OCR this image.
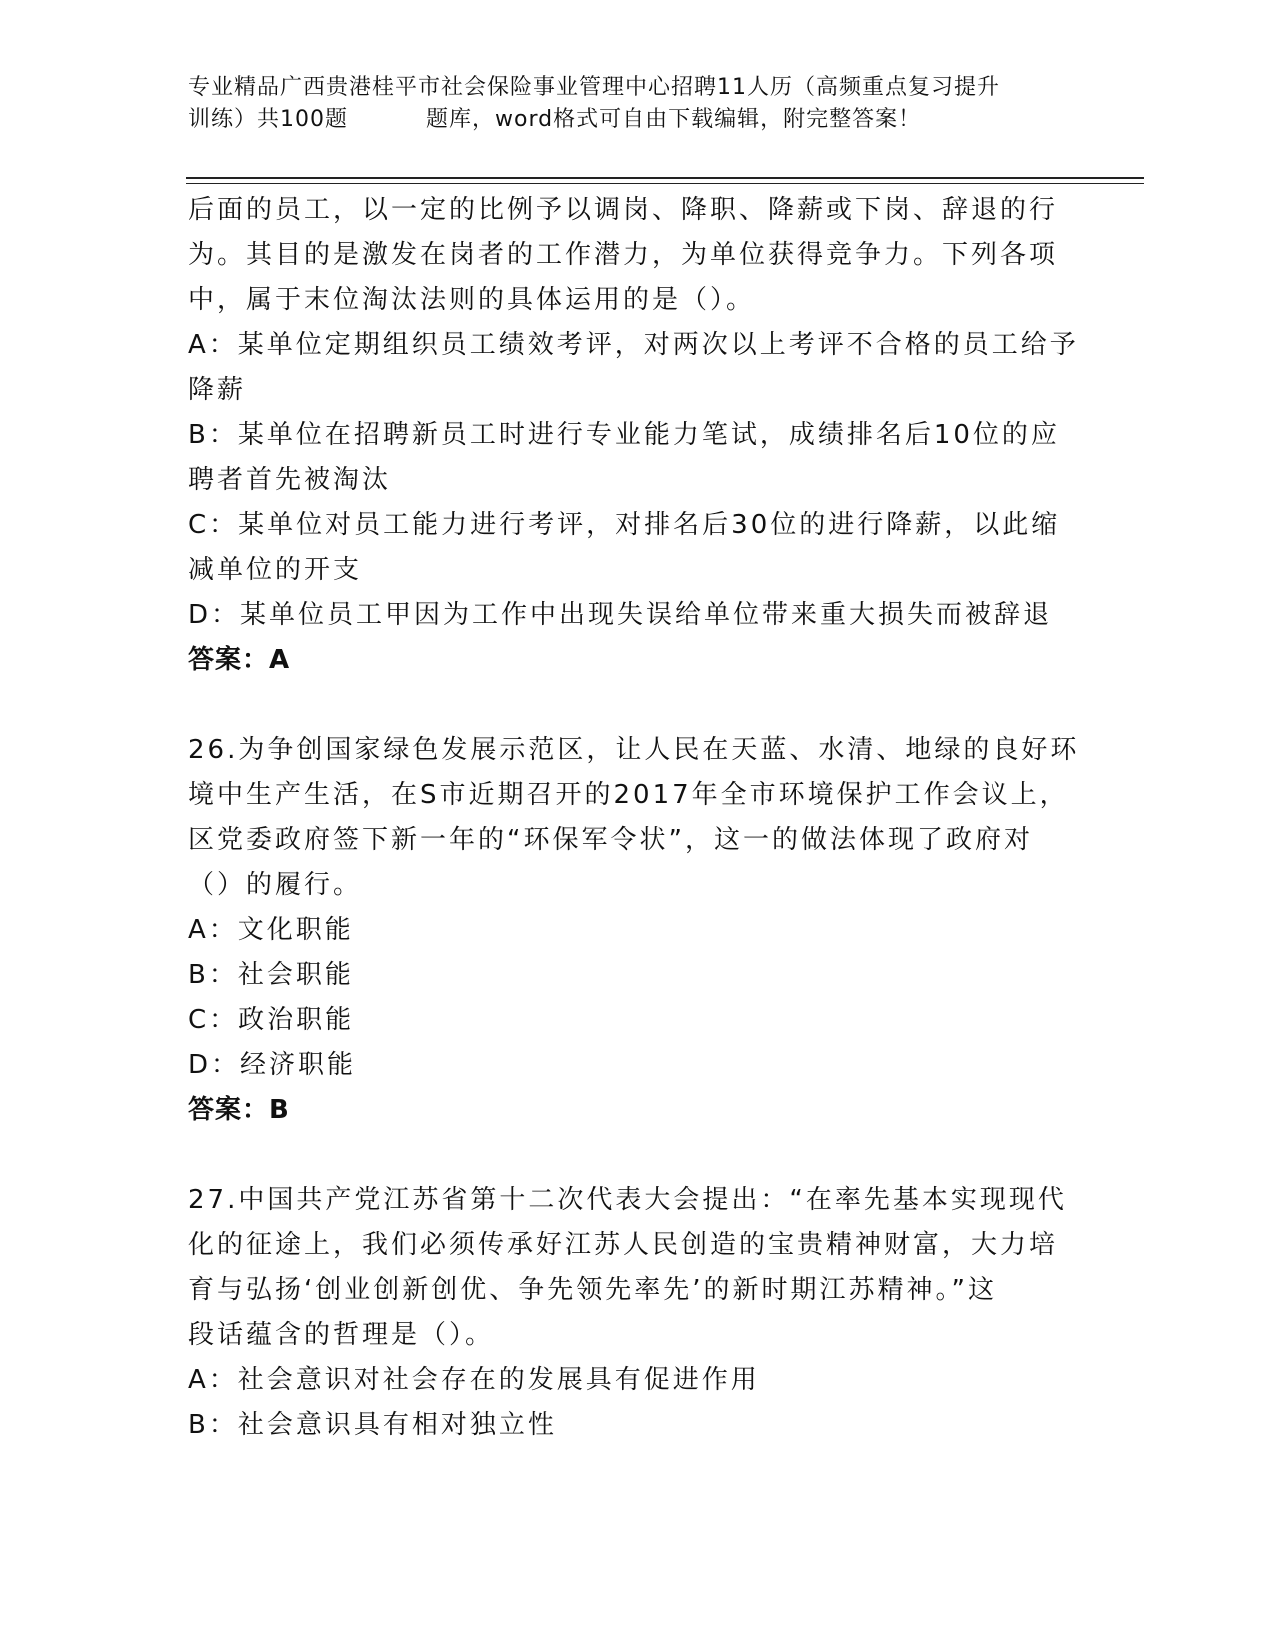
专业精品广西贵港桂平市社会保险事业管理中心招聘11人历（高频重点复习提升
训练）共100题	题库，word格式可自由下载编辑，附完整答案！
后面的员工，以一定的比例予以调岗、降职、降薪或下岗、辞退的行
为。其目的是激发在岗者的工作潜力，为单位获得竞争力。下列各项
中，属于末位淘汰法则的具体运用的是（）。
A：某单位定期组织员工绩效考评，对两次以上考评不合格的员工给予
降薪
B：某单位在招聘新员工时进行专业能力笔试，成绩排名后10位的应
聘者首先被淘汰
C：某单位对员工能力进行考评，对排名后30位的进行降薪，以此缩
减单位的开支
D：某单位员工甲因为工作中出现失误给单位带来重大损失而被辞退
答案：A
26.为争创国家绿色发展示范区，让人民在天蓝、水清、地绿的良好环
境中生产生活，在S市近期召开的2017年全市环境保护工作会议上，
区党委政府签下新一年的“环保军令状”，这一的做法体现了政府对
（）的履行。
A：文化职能
B：社会职能
C：政治职能
D：经济职能
答案：B
27.中国共产党江苏省第十二次代表大会提出：“在率先基本实现现代
化的征途上，我们必须传承好江苏人民创造的宝贵精神财富，大力培
育与弘扬‘创业创新创优、争先领先率先’的新时期江苏精神。”这
段话蕴含的哲理是（）。
A：社会意识对社会存在的发展具有促进作用
B：社会意识具有相对独立性
